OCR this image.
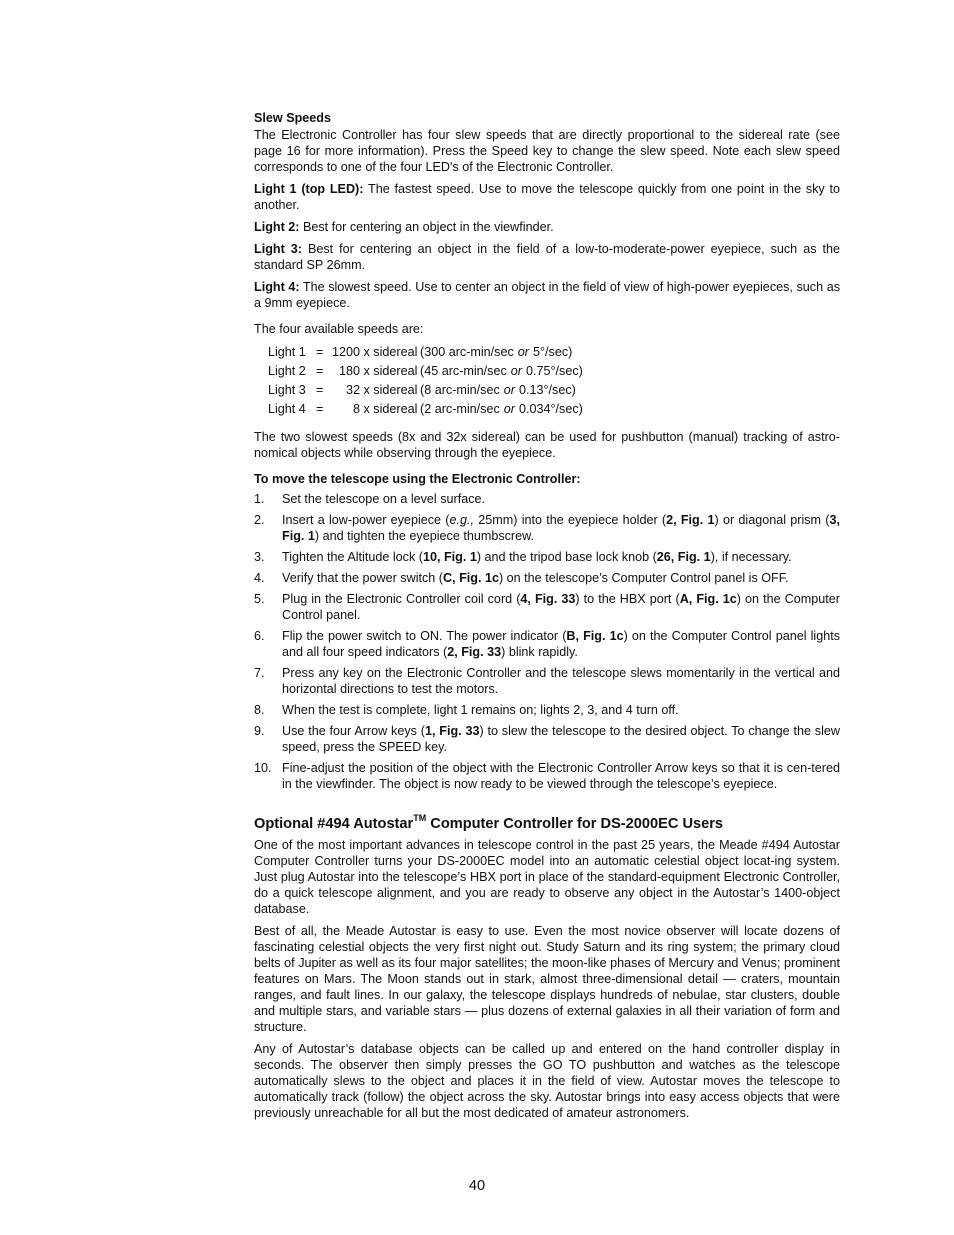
Slew Speeds

The Electronic Controller has four slew speeds that are directly proportional to the sidereal rate (see page 16 for more information). Press the Speed key to change the slew speed. Note each slew speed corresponds to one of the four LED's of the Electronic Controller.

Light 1 (top LED): The fastest speed. Use to move the telescope quickly from one point in the sky to another.

Light 2: Best for centering an object in the viewfinder.

Light 3: Best for centering an object in the field of a low-to-moderate-power eyepiece, such as the standard SP 26mm.

Light 4: The slowest speed. Use to center an object in the field of view of high-power eyepieces, such as a 9mm eyepiece.

The four available speeds are:

Light 1 = 1200 x sidereal (300 arc-min/sec or 5°/sec)
Light 2 = 180 x sidereal (45 arc-min/sec or 0.75°/sec)
Light 3 = 32 x sidereal (8 arc-min/sec or 0.13°/sec)
Light 4 = 8 x sidereal (2 arc-min/sec or 0.034°/sec)

The two slowest speeds (8x and 32x sidereal) can be used for pushbutton (manual) tracking of astro-nomical objects while observing through the eyepiece.

To move the telescope using the Electronic Controller:
1.	Set the telescope on a level surface.
2.	Insert a low-power eyepiece (e.g., 25mm) into the eyepiece holder (2, Fig. 1) or diagonal prism (3, Fig. 1) and tighten the eyepiece thumbscrew.
3.	Tighten the Altitude lock (10, Fig. 1) and the tripod base lock knob (26, Fig. 1), if necessary.
4.	Verify that the power switch (C, Fig. 1c) on the telescope’s Computer Control panel is OFF.
5.	Plug in the Electronic Controller coil cord (4, Fig. 33) to the HBX port (A, Fig. 1c) on the Computer Control panel.
6.	Flip the power switch to ON. The power indicator (B, Fig. 1c) on the Computer Control panel lights and all four speed indicators (2, Fig. 33) blink rapidly.
7.	Press any key on the Electronic Controller and the telescope slews momentarily in the vertical and horizontal directions to test the motors.
8.	When the test is complete, light 1 remains on; lights 2, 3, and 4 turn off.
9.	Use the four Arrow keys (1, Fig. 33) to slew the telescope to the desired object. To change the slew speed, press the SPEED key.
10. Fine-adjust the position of the object with the Electronic Controller Arrow keys so that it is cen-tered in the viewfinder. The object is now ready to be viewed through the telescope’s eyepiece.
Optional #494 Autostar™ Computer Controller for DS-2000EC Users

One of the most important advances in telescope control in the past 25 years, the Meade #494 Autostar Computer Controller turns your DS-2000EC model into an automatic celestial object locat-ing system. Just plug Autostar into the telescope’s HBX port in place of the standard-equipment Electronic Controller, do a quick telescope alignment, and you are ready to observe any object in the Autostar’s 1400-object database.

Best of all, the Meade Autostar is easy to use. Even the most novice observer will locate dozens of fascinating celestial objects the very first night out. Study Saturn and its ring system; the primary cloud belts of Jupiter as well as its four major satellites; the moon-like phases of Mercury and Venus; prominent features on Mars. The Moon stands out in stark, almost three-dimensional detail — craters, mountain ranges, and fault lines. In our galaxy, the telescope displays hundreds of nebulae, star clusters, double and multiple stars, and variable stars — plus dozens of external galaxies in all their variation of form and structure.

Any of Autostar’s database objects can be called up and entered on the hand controller display in seconds. The observer then simply presses the GO TO pushbutton and watches as the telescope automatically slews to the object and places it in the field of view. Autostar moves the telescope to automatically track (follow) the object across the sky. Autostar brings into easy access objects that were previously unreachable for all but the most dedicated of amateur astronomers.

40
